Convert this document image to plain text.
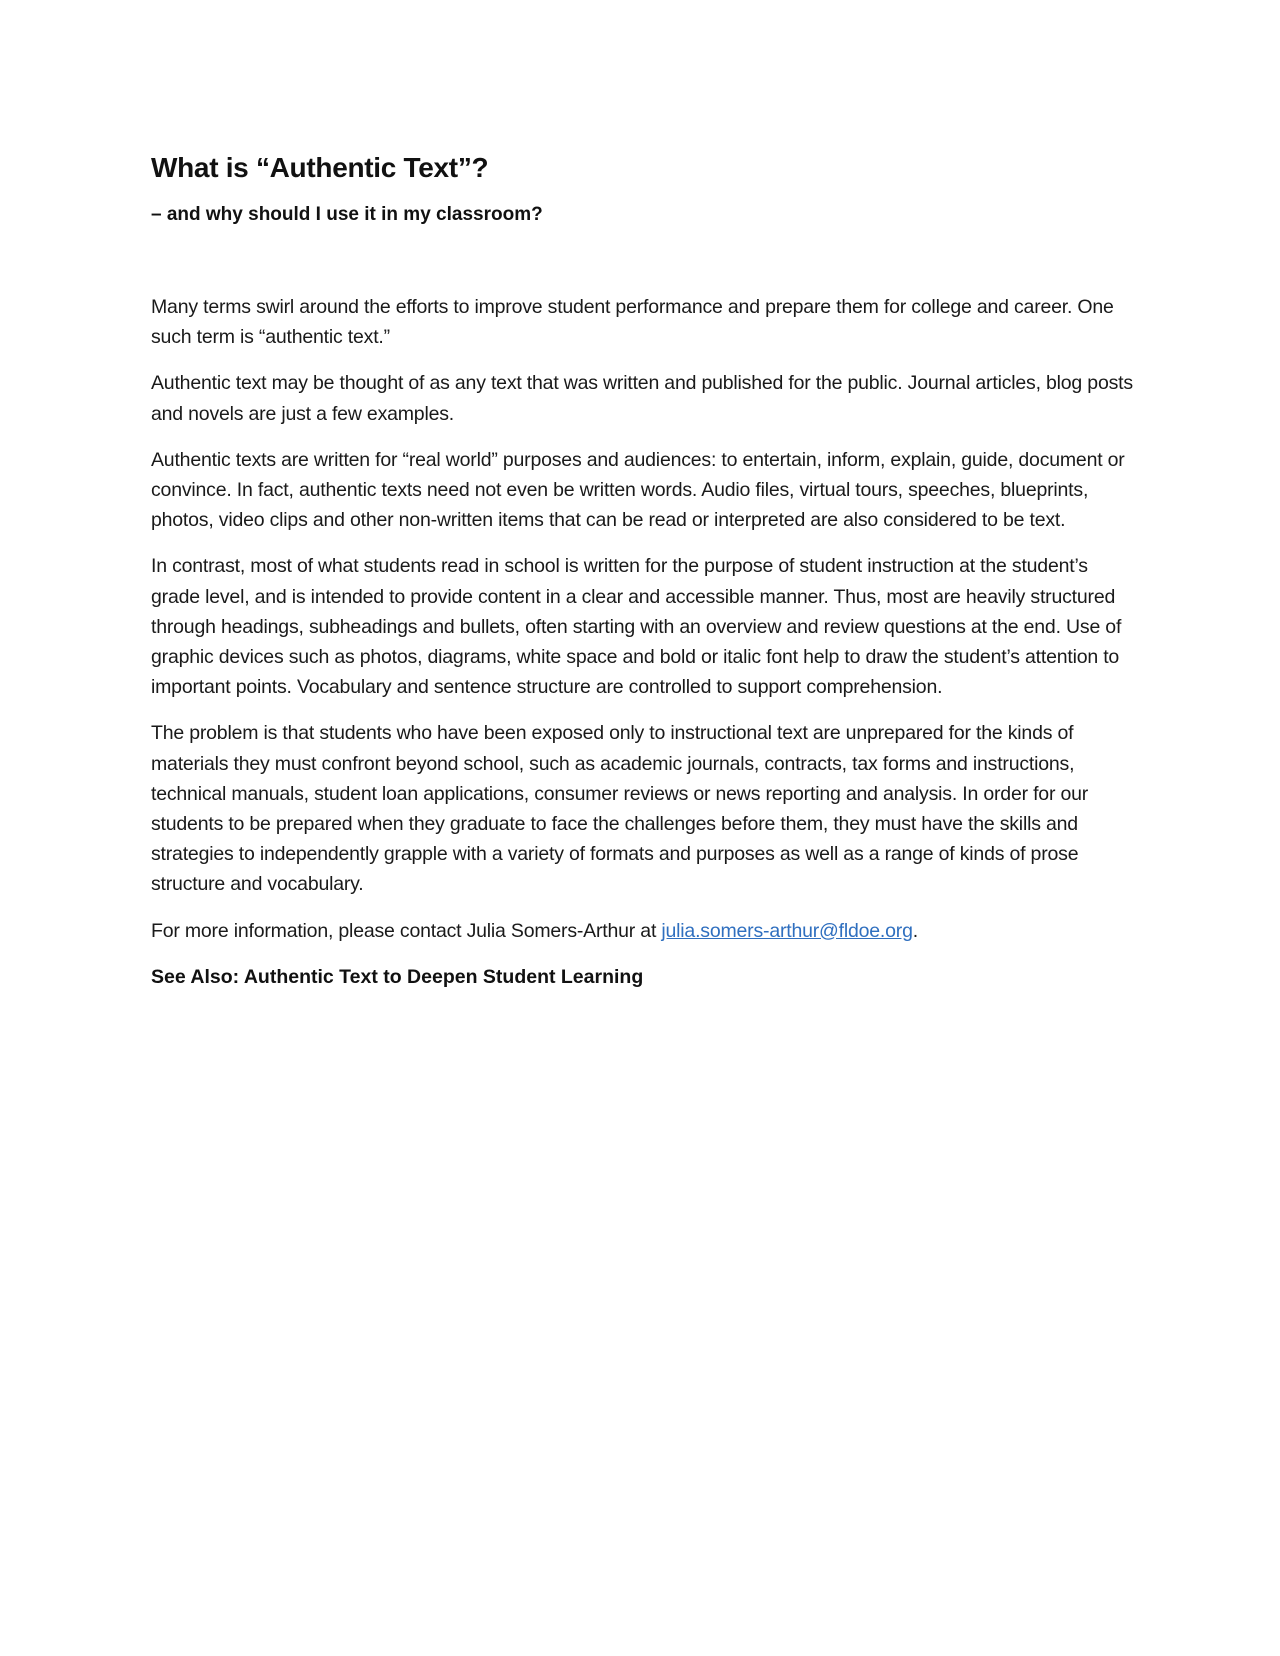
What is “Authentic Text”?

– and why should I use it in my classroom?

Many terms swirl around the efforts to improve student performance and prepare them for college and career. One such term is “authentic text.”

Authentic text may be thought of as any text that was written and published for the public. Journal articles, blog posts and novels are just a few examples.

Authentic texts are written for “real world” purposes and audiences: to entertain, inform, explain, guide, document or convince. In fact, authentic texts need not even be written words. Audio files, virtual tours, speeches, blueprints, photos, video clips and other non-written items that can be read or interpreted are also considered to be text.

In contrast, most of what students read in school is written for the purpose of student instruction at the student’s grade level, and is intended to provide content in a clear and accessible manner. Thus, most are heavily structured through headings, subheadings and bullets, often starting with an overview and review questions at the end. Use of graphic devices such as photos, diagrams, white space and bold or italic font help to draw the student’s attention to important points. Vocabulary and sentence structure are controlled to support comprehension.

The problem is that students who have been exposed only to instructional text are unprepared for the kinds of materials they must confront beyond school, such as academic journals, contracts, tax forms and instructions, technical manuals, student loan applications, consumer reviews or news reporting and analysis. In order for our students to be prepared when they graduate to face the challenges before them, they must have the skills and strategies to independently grapple with a variety of formats and purposes as well as a range of kinds of prose structure and vocabulary.

For more information, please contact Julia Somers-Arthur at julia.somers-arthur@fldoe.org.

See Also: Authentic Text to Deepen Student Learning
